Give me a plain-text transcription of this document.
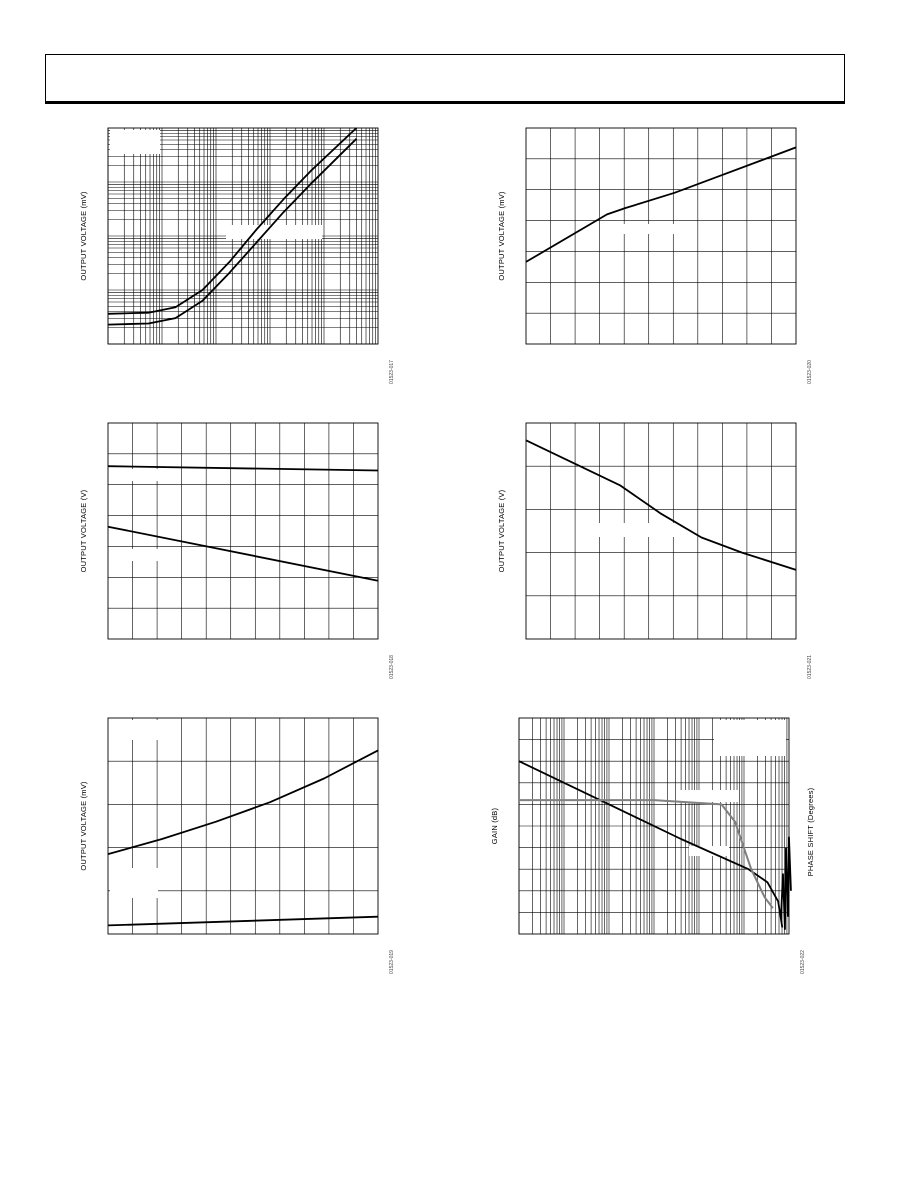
OUTPUT VOLTAGE (mV)
01523-017
OUTPUT VOLTAGE (mV)
01523-020
OUTPUT VOLTAGE (V)
01523-018
OUTPUT VOLTAGE (V)
01523-021
OUTPUT VOLTAGE (mV)
01523-019
GAIN (dB)	PHASE SHIFT (Degrees)
01523-022
